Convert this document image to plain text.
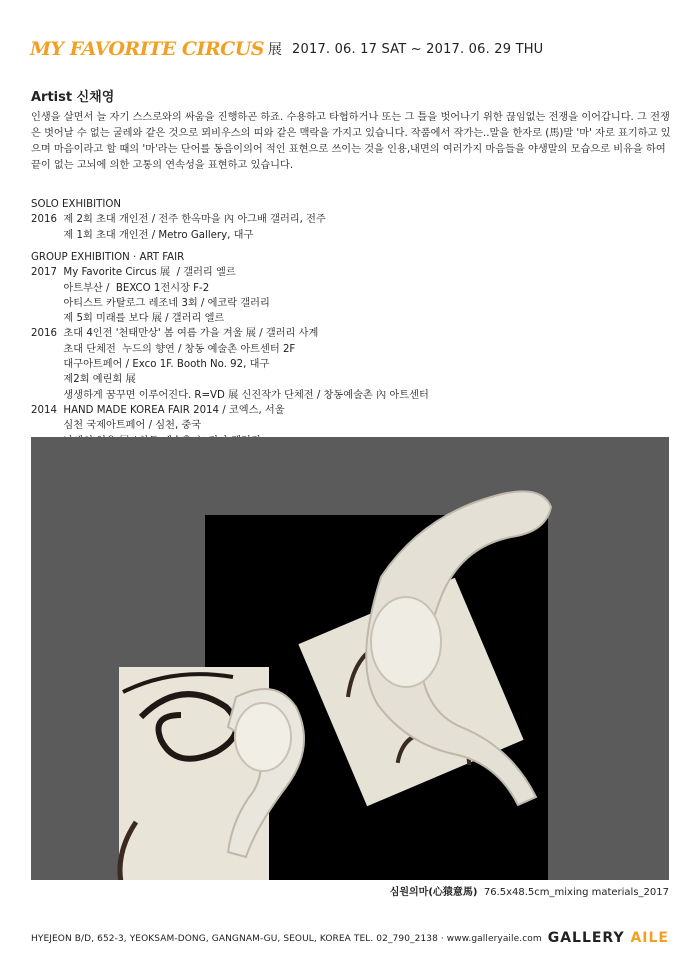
MY FAVORITE CIRCUS 展 2017. 06. 17 SAT ~ 2017. 06. 29 THU
Artist 신채영

인생을 살면서 늘 자기 스스로와의 싸움을 진행하곤 하죠. 수용하고 타협하거나 또는 그 틀을 벗어나기 위한 끊임없는 전쟁을 이어갑니다. 그 전쟁은 벗어날 수 없는 굴레와 같은 것으로 뫼비우스의 띠와 같은 맥락을 가지고 있습니다. 작품에서 작가는..말을 한자로 (馬)말 '마' 자로 표기하고 있으며 마음이라고 할 때의 '마'라는 단어를 동음이의어 적인 표현으로 쓰이는 것을 인용,내면의 여러가지 마음들을 야생말의 모습으로 비유을 하여 끝이 없는 고뇌에 의한 고통의 연속성을 표현하고 있습니다.

SOLO EXHIBITION
2016  제 2회 초대 개인전 / 전주 한옥마을 內 아그배 갤러리, 전주
제 1회 초대 개인전 / Metro Gallery, 대구
GROUP EXHIBITION · ART FAIR
2017  My Favorite Circus 展  / 갤러리 엘르
아트부산 /  BEXCO 1전시장 F-2
아티스트 카탈로그 레조네 3회 / 에코락 갤러리
제 5회 미래를 보다 展 / 갤러리 엘르
2016  초대 4인전 '천태만상' 봄 여름 가을 겨울 展 / 갤러리 사계
초대 단체전  누드의 향연 / 창동 예술촌 아트센터 2F
대구아트페어 / Exco 1F. Booth No. 92, 대구
제2회 예린회 展
생생하게 꿈꾸면 이루어진다. R=VD 展 신진작가 단체전 / 창동예술촌 內 아트센터
2014  HAND MADE KOREA FAIR 2014 / 코엑스, 서울
심천 국제아트페어 / 심천, 중국
심원의마(心猿意馬)  76.5x48.5cm_mixing materials_2017
HYEJEON B/D, 652-3, YEOKSAM-DONG, GANGNAM-GU, SEOUL, KOREA TEL. 02_790_2138 · www.galleryaile.com GALLERY AILE
